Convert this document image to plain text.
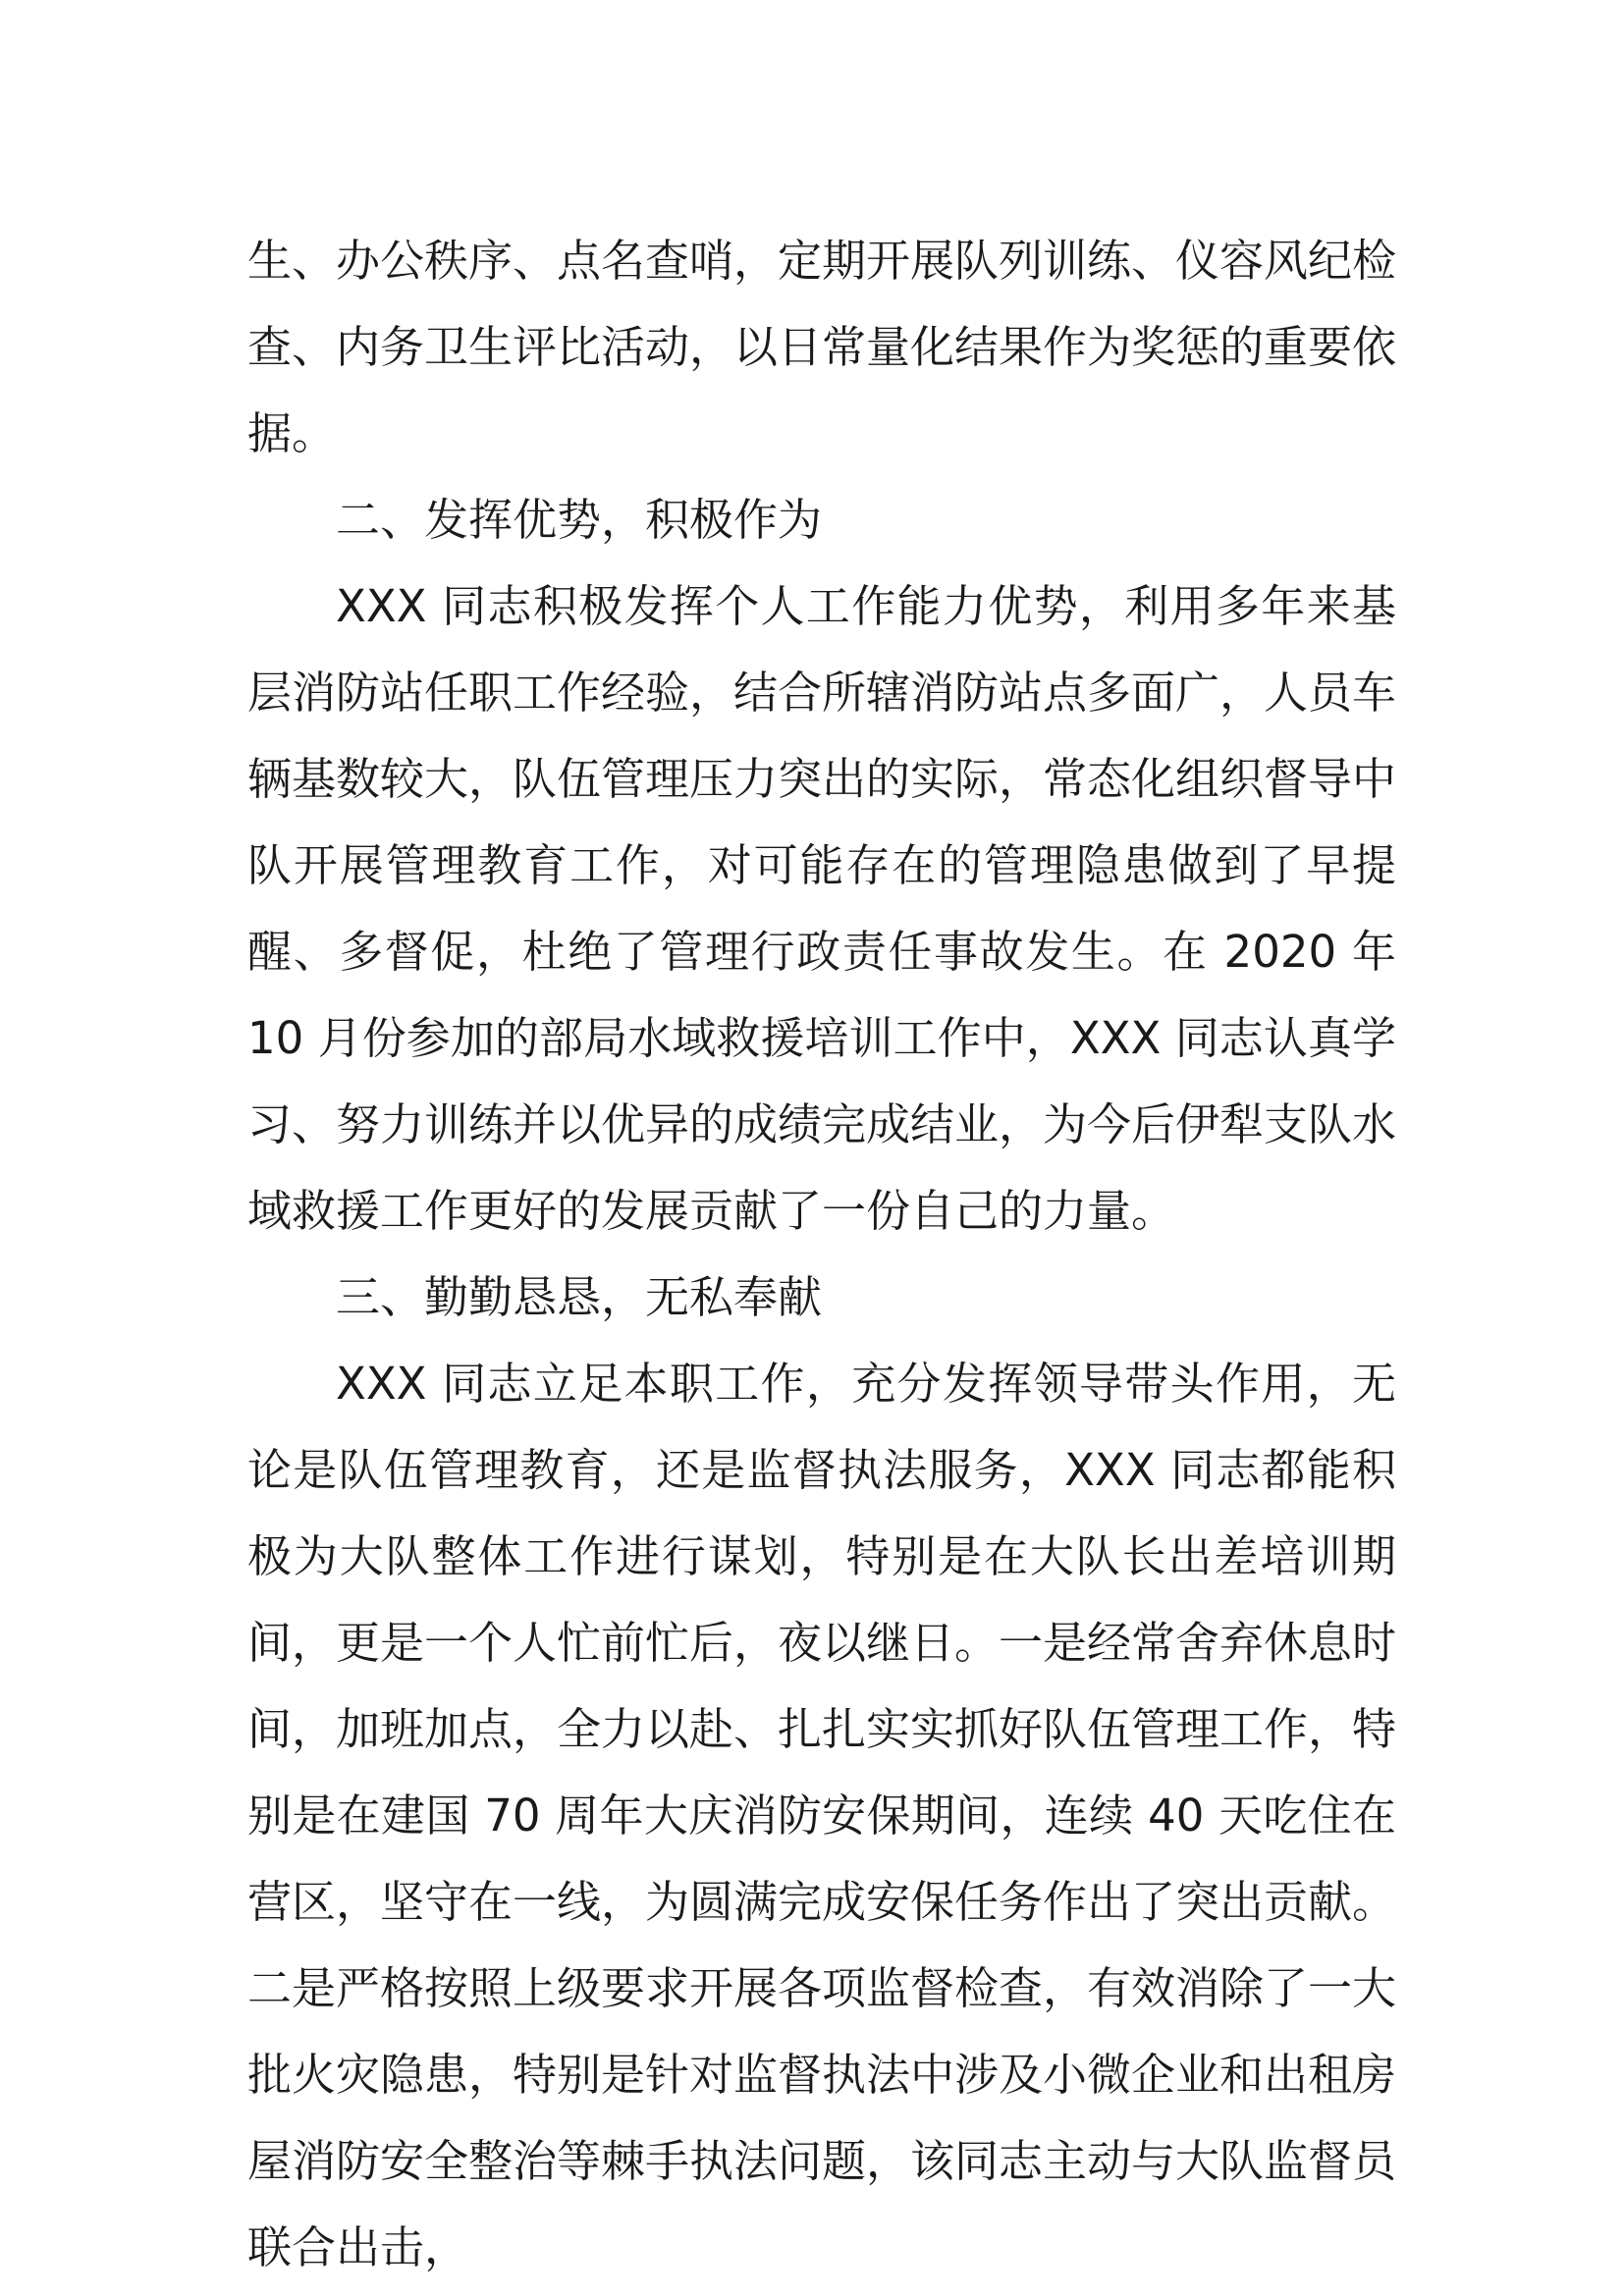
生、办公秩序、点名查哨，定期开展队列训练、仪容风纪检查、内务卫生评比活动，以日常量化结果作为奖惩的重要依据。

二、发挥优势，积极作为

XXX 同志积极发挥个人工作能力优势，利用多年来基层消防站任职工作经验，结合所辖消防站点多面广，人员车辆基数较大，队伍管理压力突出的实际，常态化组织督导中队开展管理教育工作，对可能存在的管理隐患做到了早提醒、多督促，杜绝了管理行政责任事故发生。在 2020 年 10 月份参加的部局水域救援培训工作中，XXX 同志认真学习、努力训练并以优异的成绩完成结业，为今后伊犁支队水域救援工作更好的发展贡献了一份自己的力量。

三、勤勤恳恳，无私奉献

XXX 同志立足本职工作，充分发挥领导带头作用，无论是队伍管理教育，还是监督执法服务，XXX 同志都能积极为大队整体工作进行谋划，特别是在大队长出差培训期间，更是一个人忙前忙后，夜以继日。一是经常舍弃休息时间，加班加点，全力以赴、扎扎实实抓好队伍管理工作，特别是在建国 70 周年大庆消防安保期间，连续 40 天吃住在营区，坚守在一线，为圆满完成安保任务作出了突出贡献。二是严格按照上级要求开展各项监督检查，有效消除了一大批火灾隐患，特别是针对监督执法中涉及小微企业和出租房屋消防安全整治等棘手执法问题，该同志主动与大队监督员联合出击，
